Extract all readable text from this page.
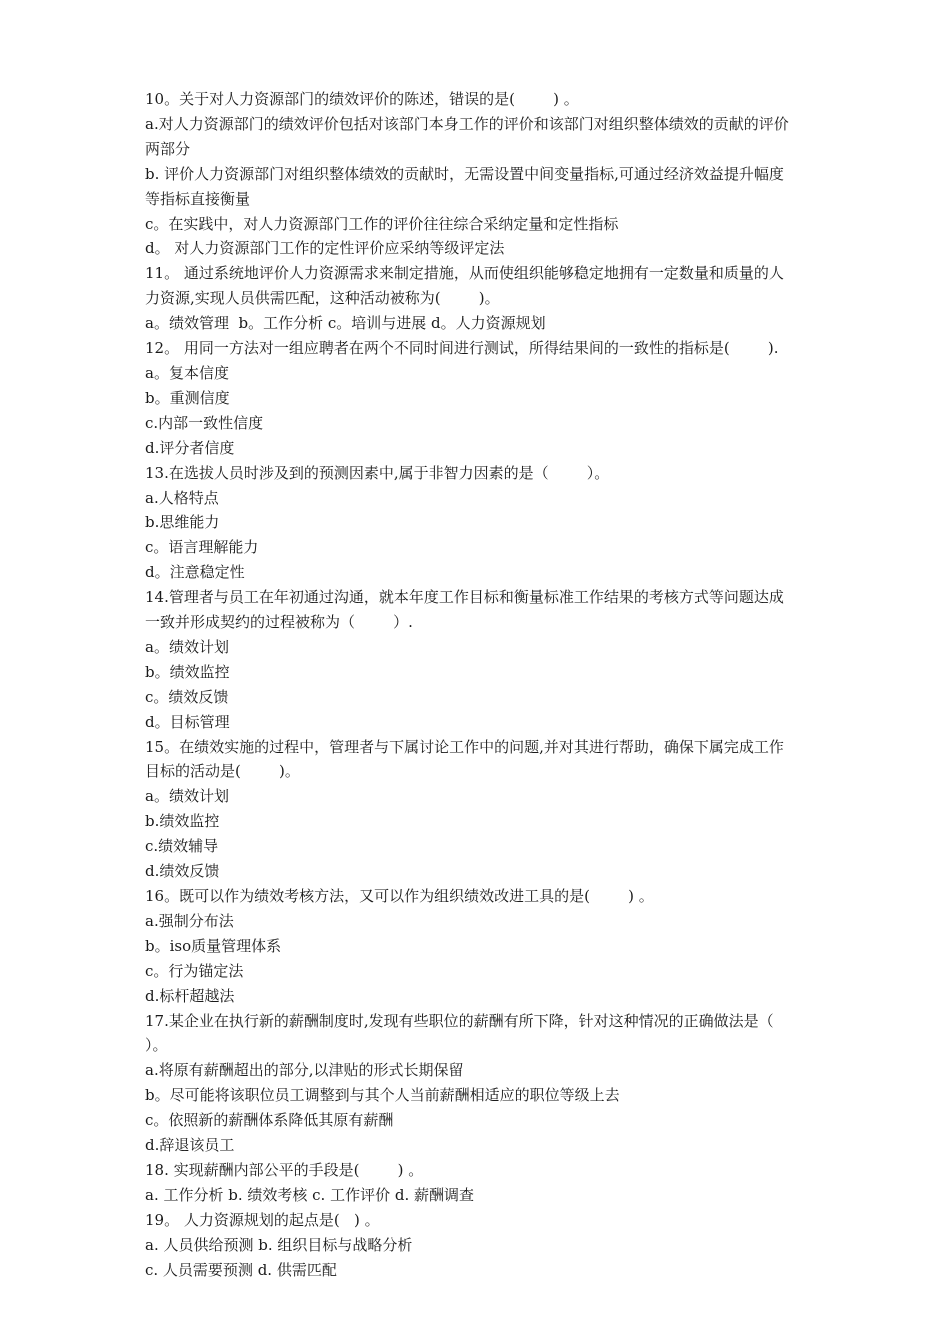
10。关于对人力资源部门的绩效评价的陈述，错误的是(        ) 。
a.对人力资源部门的绩效评价包括对该部门本身工作的评价和该部门对组织整体绩效的贡献的评价
两部分
b. 评价人力资源部门对组织整体绩效的贡献时，无需设置中间变量指标,可通过经济效益提升幅度
等指标直接衡量
c。在实践中，对人力资源部门工作的评价往往综合采纳定量和定性指标
d。 对人力资源部门工作的定性评价应采纳等级评定法
11。 通过系统地评价人力资源需求来制定措施，从而使组织能够稳定地拥有一定数量和质量的人
力资源,实现人员供需匹配，这种活动被称为(        )。
a。绩效管理  b。工作分析 c。培训与进展 d。人力资源规划
12。 用同一方法对一组应聘者在两个不同时间进行测试，所得结果间的一致性的指标是(        ).
a。复本信度
b。重测信度
c.内部一致性信度
d.评分者信度
13.在选拔人员时涉及到的预测因素中,属于非智力因素的是（        ）。
a.人格特点
b.思维能力
c。语言理解能力
d。注意稳定性
14.管理者与员工在年初通过沟通，就本年度工作目标和衡量标准工作结果的考核方式等问题达成
一致并形成契约的过程被称为（        ）.
a。绩效计划
b。绩效监控
c。绩效反馈
d。目标管理
15。在绩效实施的过程中，管理者与下属讨论工作中的问题,并对其进行帮助，确保下属完成工作
目标的活动是(        )。
a。绩效计划
b.绩效监控
c.绩效辅导
d.绩效反馈
16。既可以作为绩效考核方法，又可以作为组织绩效改进工具的是(        ) 。
a.强制分布法
b。iso质量管理体系
c。行为锚定法
d.标杆超越法
17.某企业在执行新的薪酬制度时,发现有些职位的薪酬有所下降，针对这种情况的正确做法是（
）。
a.将原有薪酬超出的部分,以津贴的形式长期保留
b。尽可能将该职位员工调整到与其个人当前薪酬相适应的职位等级上去
c。依照新的薪酬体系降低其原有薪酬
d.辞退该员工
18. 实现薪酬内部公平的手段是(        ) 。
a. 工作分析 b. 绩效考核 c. 工作评价 d. 薪酬调查
19。 人力资源规划的起点是(   ) 。
a. 人员供给预测 b. 组织目标与战略分析
c. 人员需要预测 d. 供需匹配
